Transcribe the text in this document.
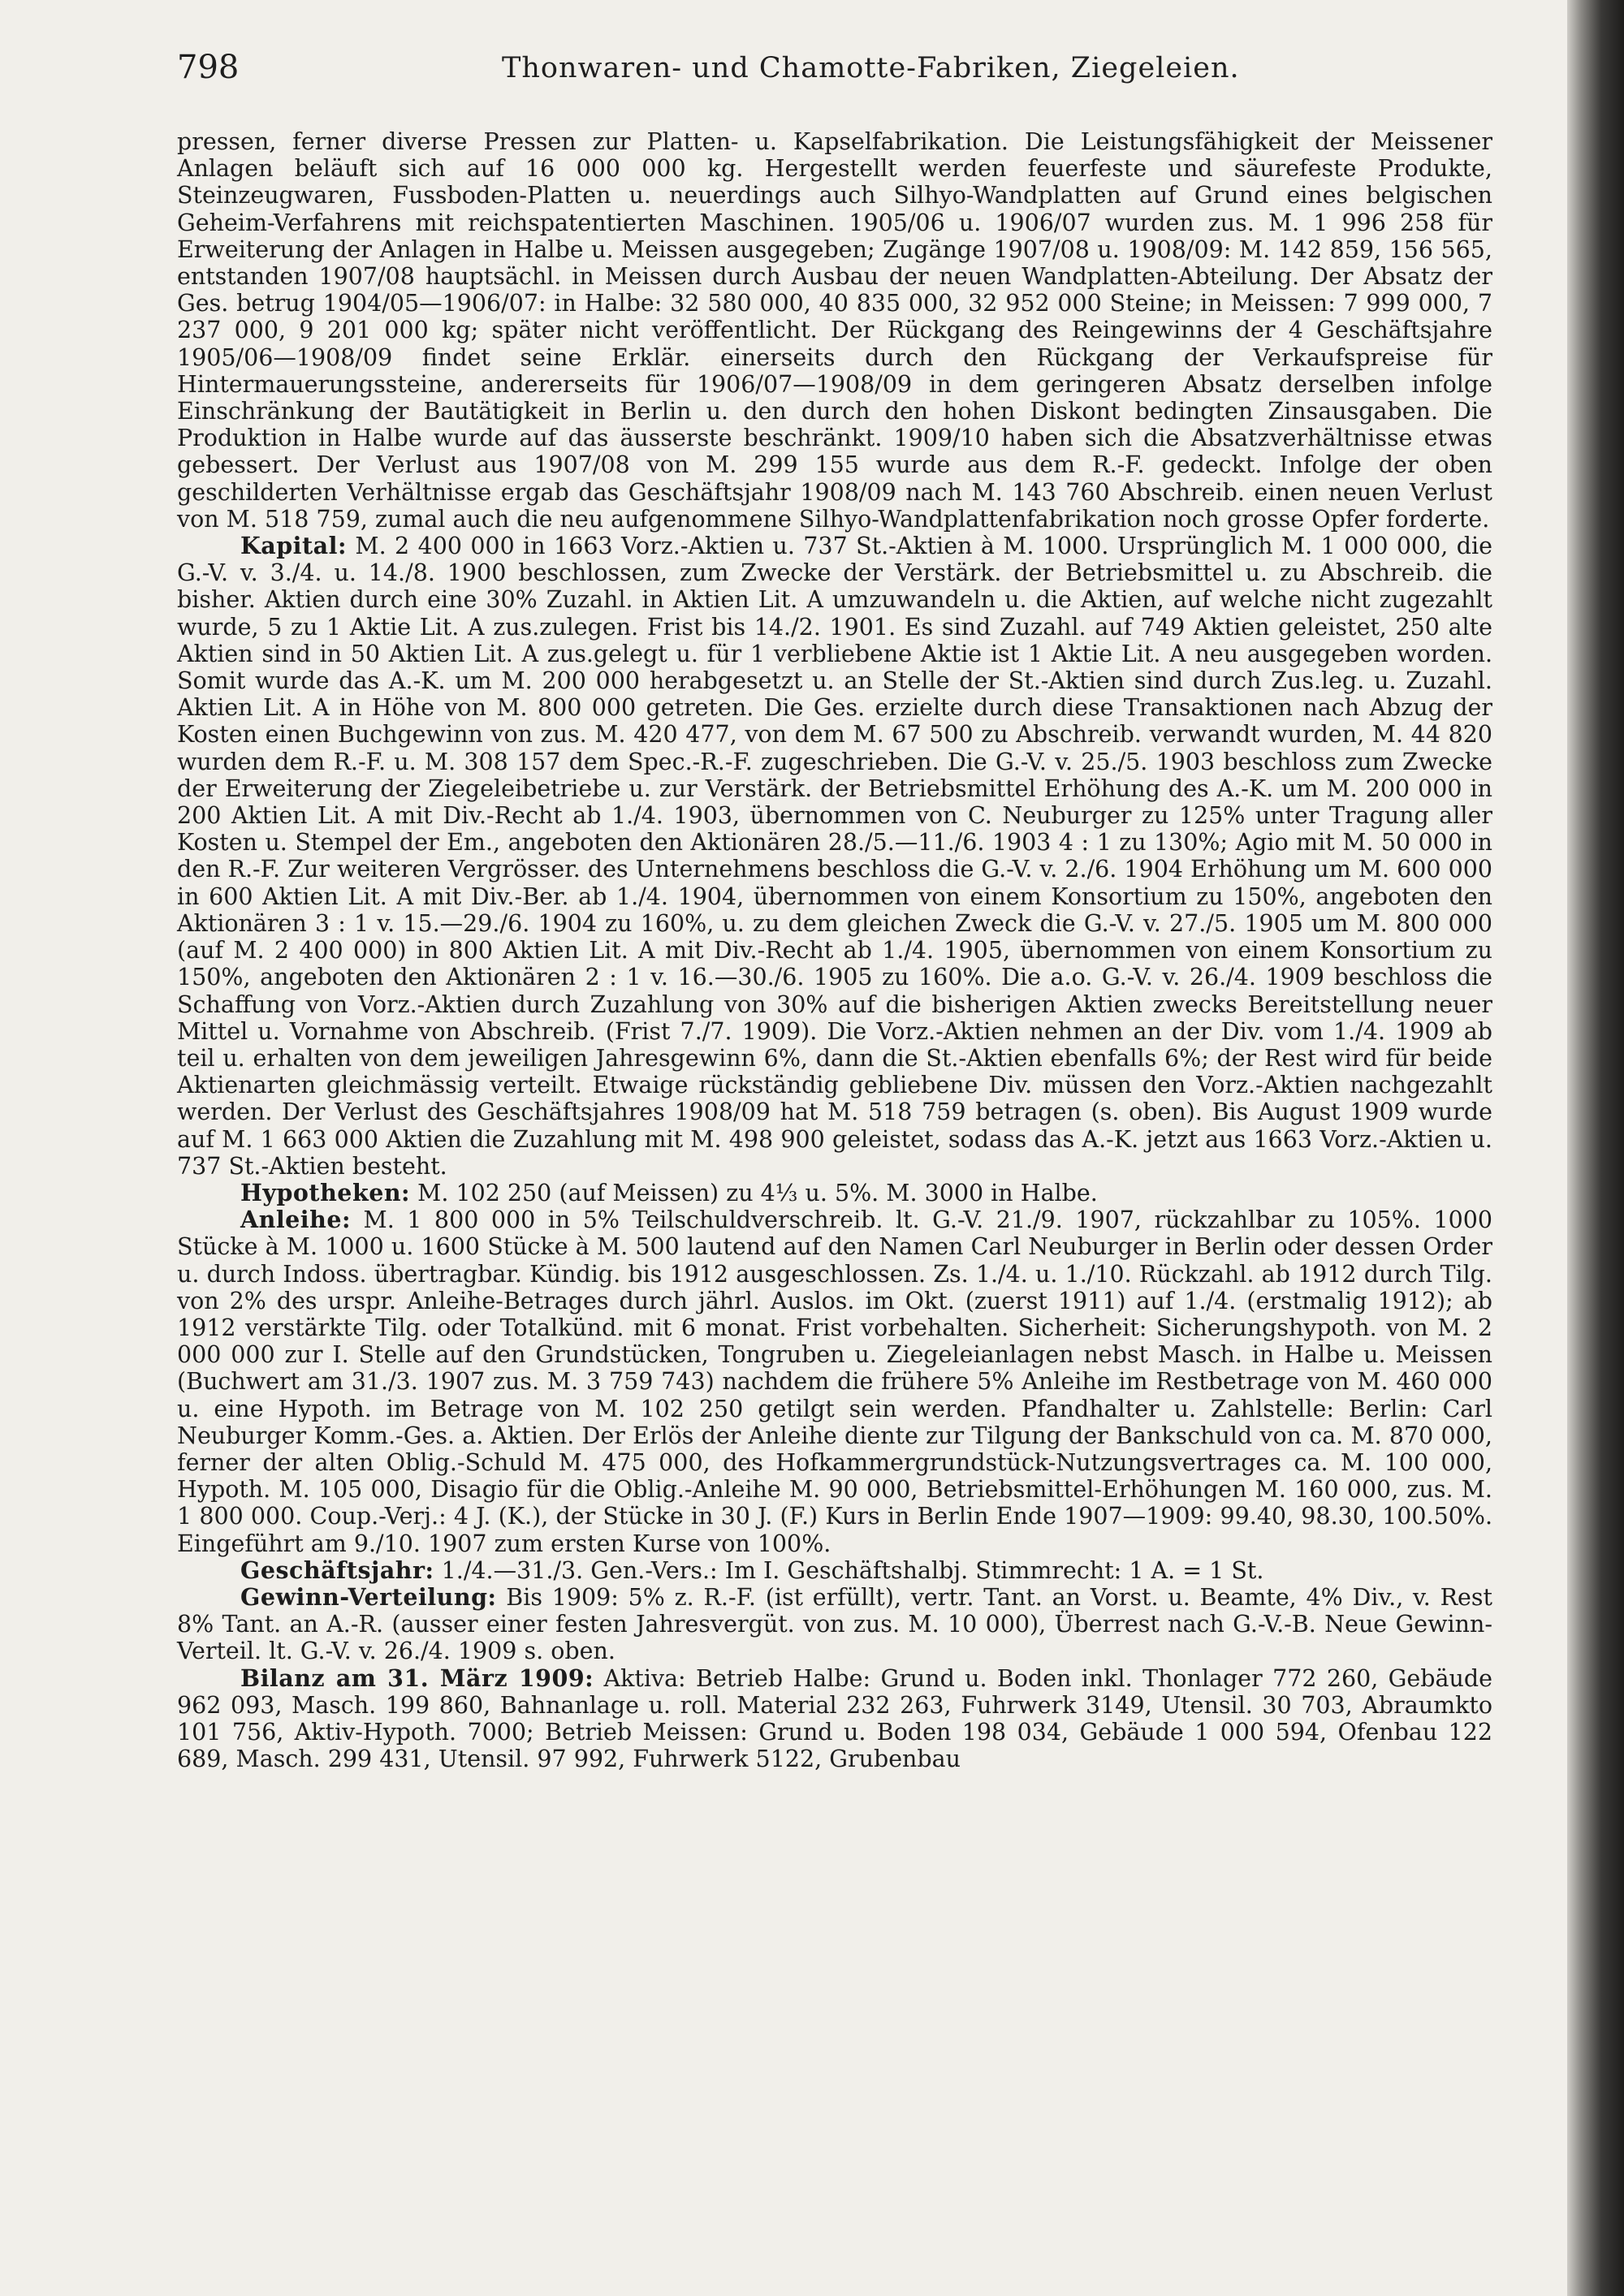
798	Thonwaren- und Chamotte-Fabriken, Ziegeleien.

pressen, ferner diverse Pressen zur Platten- u. Kapselfabrikation. Die Leistungsfähigkeit der Meissener Anlagen beläuft sich auf 16 000 000 kg. Hergestellt werden feuerfeste und säurefeste Produkte, Steinzeugwaren, Fussboden-Platten u. neuerdings auch Silhyo-Wandplatten auf Grund eines belgischen Geheim-Verfahrens mit reichspatentierten Maschinen. 1905/06 u. 1906/07 wurden zus. M. 1 996 258 für Erweiterung der Anlagen in Halbe u. Meissen ausgegeben; Zugänge 1907/08 u. 1908/09: M. 142 859, 156 565, entstanden 1907/08 hauptsächl. in Meissen durch Ausbau der neuen Wandplatten-Abteilung. Der Absatz der Ges. betrug 1904/05—1906/07: in Halbe: 32 580 000, 40 835 000, 32 952 000 Steine; in Meissen: 7 999 000, 7 237 000, 9 201 000 kg; später nicht veröffentlicht. Der Rückgang des Reingewinns der 4 Geschäftsjahre 1905/06—1908/09 findet seine Erklär. einerseits durch den Rückgang der Verkaufspreise für Hintermauerungssteine, andererseits für 1906/07—1908/09 in dem geringeren Absatz derselben infolge Einschränkung der Bautätigkeit in Berlin u. den durch den hohen Diskont bedingten Zinsausgaben. Die Produktion in Halbe wurde auf das äusserste beschränkt. 1909/10 haben sich die Absatzverhältnisse etwas gebessert. Der Verlust aus 1907/08 von M. 299 155 wurde aus dem R.-F. gedeckt. Infolge der oben geschilderten Verhältnisse ergab das Geschäftsjahr 1908/09 nach M. 143 760 Abschreib. einen neuen Verlust von M. 518 759, zumal auch die neu aufgenommene Silhyo-Wandplattenfabrikation noch grosse Opfer forderte.

Kapital: M. 2 400 000 in 1663 Vorz.-Aktien u. 737 St.-Aktien à M. 1000. Ursprünglich M. 1 000 000, die G.-V. v. 3./4. u. 14./8. 1900 beschlossen, zum Zwecke der Verstärk. der Betriebsmittel u. zu Abschreib. die bisher. Aktien durch eine 30% Zuzahl. in Aktien Lit. A umzuwandeln u. die Aktien, auf welche nicht zugezahlt wurde, 5 zu 1 Aktie Lit. A zus.zulegen. Frist bis 14./2. 1901. Es sind Zuzahl. auf 749 Aktien geleistet, 250 alte Aktien sind in 50 Aktien Lit. A zus.gelegt u. für 1 verbliebene Aktie ist 1 Aktie Lit. A neu ausgegeben worden. Somit wurde das A.-K. um M. 200 000 herabgesetzt u. an Stelle der St.-Aktien sind durch Zus.leg. u. Zuzahl. Aktien Lit. A in Höhe von M. 800 000 getreten. Die Ges. erzielte durch diese Transaktionen nach Abzug der Kosten einen Buchgewinn von zus. M. 420 477, von dem M. 67 500 zu Abschreib. verwandt wurden, M. 44 820 wurden dem R.-F. u. M. 308 157 dem Spec.-R.-F. zugeschrieben. Die G.-V. v. 25./5. 1903 beschloss zum Zwecke der Erweiterung der Ziegeleibetriebe u. zur Verstärk. der Betriebsmittel Erhöhung des A.-K. um M. 200 000 in 200 Aktien Lit. A mit Div.-Recht ab 1./4. 1903, übernommen von C. Neuburger zu 125% unter Tragung aller Kosten u. Stempel der Em., angeboten den Aktionären 28./5.—11./6. 1903 4 : 1 zu 130%; Agio mit M. 50 000 in den R.-F. Zur weiteren Vergrösser. des Unternehmens beschloss die G.-V. v. 2./6. 1904 Erhöhung um M. 600 000 in 600 Aktien Lit. A mit Div.-Ber. ab 1./4. 1904, übernommen von einem Konsortium zu 150%, angeboten den Aktionären 3 : 1 v. 15.—29./6. 1904 zu 160%, u. zu dem gleichen Zweck die G.-V. v. 27./5. 1905 um M. 800 000 (auf M. 2 400 000) in 800 Aktien Lit. A mit Div.-Recht ab 1./4. 1905, übernommen von einem Konsortium zu 150%, angeboten den Aktionären 2 : 1 v. 16.—30./6. 1905 zu 160%. Die a.o. G.-V. v. 26./4. 1909 beschloss die Schaffung von Vorz.-Aktien durch Zuzahlung von 30% auf die bisherigen Aktien zwecks Bereitstellung neuer Mittel u. Vornahme von Abschreib. (Frist 7./7. 1909). Die Vorz.-Aktien nehmen an der Div. vom 1./4. 1909 ab teil u. erhalten von dem jeweiligen Jahresgewinn 6%, dann die St.-Aktien ebenfalls 6%; der Rest wird für beide Aktienarten gleichmässig verteilt. Etwaige rückständig gebliebene Div. müssen den Vorz.-Aktien nachgezahlt werden. Der Verlust des Geschäftsjahres 1908/09 hat M. 518 759 betragen (s. oben). Bis August 1909 wurde auf M. 1 663 000 Aktien die Zuzahlung mit M. 498 900 geleistet, sodass das A.-K. jetzt aus 1663 Vorz.-Aktien u. 737 St.-Aktien besteht.

Hypotheken: M. 102 250 (auf Meissen) zu 4⅓ u. 5%. M. 3000 in Halbe.

Anleihe: M. 1 800 000 in 5% Teilschuldverschreib. lt. G.-V. 21./9. 1907, rückzahlbar zu 105%. 1000 Stücke à M. 1000 u. 1600 Stücke à M. 500 lautend auf den Namen Carl Neuburger in Berlin oder dessen Order u. durch Indoss. übertragbar. Kündig. bis 1912 ausgeschlossen. Zs. 1./4. u. 1./10. Rückzahl. ab 1912 durch Tilg. von 2% des urspr. Anleihe-Betrages durch jährl. Auslos. im Okt. (zuerst 1911) auf 1./4. (erstmalig 1912); ab 1912 verstärkte Tilg. oder Totalkünd. mit 6 monat. Frist vorbehalten. Sicherheit: Sicherungshypoth. von M. 2 000 000 zur I. Stelle auf den Grundstücken, Tongruben u. Ziegeleianlagen nebst Masch. in Halbe u. Meissen (Buchwert am 31./3. 1907 zus. M. 3 759 743) nachdem die frühere 5% Anleihe im Restbetrage von M. 460 000 u. eine Hypoth. im Betrage von M. 102 250 getilgt sein werden. Pfandhalter u. Zahlstelle: Berlin: Carl Neuburger Komm.-Ges. a. Aktien. Der Erlös der Anleihe diente zur Tilgung der Bankschuld von ca. M. 870 000, ferner der alten Oblig.-Schuld M. 475 000, des Hofkammergrundstück-Nutzungsvertrages ca. M. 100 000, Hypoth. M. 105 000, Disagio für die Oblig.-Anleihe M. 90 000, Betriebsmittel-Erhöhungen M. 160 000, zus. M. 1 800 000. Coup.-Verj.: 4 J. (K.), der Stücke in 30 J. (F.) Kurs in Berlin Ende 1907—1909: 99.40, 98.30, 100.50%. Eingeführt am 9./10. 1907 zum ersten Kurse von 100%.

Geschäftsjahr: 1./4.—31./3. Gen.-Vers.: Im I. Geschäftshalbj. Stimmrecht: 1 A. = 1 St.

Gewinn-Verteilung: Bis 1909: 5% z. R.-F. (ist erfüllt), vertr. Tant. an Vorst. u. Beamte, 4% Div., v. Rest 8% Tant. an A.-R. (ausser einer festen Jahresvergüt. von zus. M. 10 000), Überrest nach G.-V.-B. Neue Gewinn-Verteil. lt. G.-V. v. 26./4. 1909 s. oben.

Bilanz am 31. März 1909: Aktiva: Betrieb Halbe: Grund u. Boden inkl. Thonlager 772 260, Gebäude 962 093, Masch. 199 860, Bahnanlage u. roll. Material 232 263, Fuhrwerk 3149, Utensil. 30 703, Abraumkto 101 756, Aktiv-Hypoth. 7000; Betrieb Meissen: Grund u. Boden 198 034, Gebäude 1 000 594, Ofenbau 122 689, Masch. 299 431, Utensil. 97 992, Fuhrwerk 5122, Grubenbau
